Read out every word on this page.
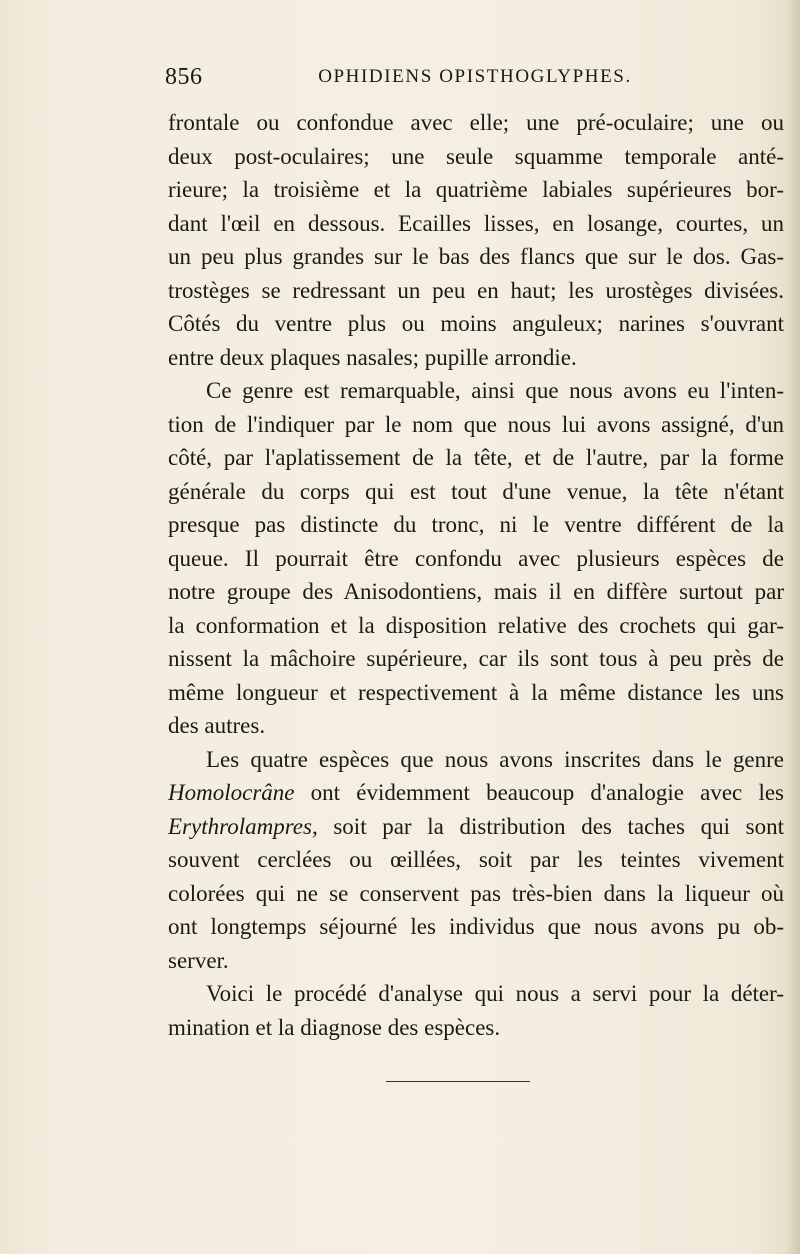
856	OPHIDIENS OPISTHOGLYPHES.
frontale ou confondue avec elle; une pré-oculaire; une ou
deux post-oculaires; une seule squamme temporale anté-
rieure; la troisième et la quatrième labiales supérieures bor-
dant l'œil en dessous. Ecailles lisses, en losange, courtes, un
un peu plus grandes sur le bas des flancs que sur le dos. Gas-
trostèges se redressant un peu en haut; les urostèges divisées.
Côtés du ventre plus ou moins anguleux; narines s'ouvrant
entre deux plaques nasales; pupille arrondie.
Ce genre est remarquable, ainsi que nous avons eu l'inten-
tion de l'indiquer par le nom que nous lui avons assigné, d'un
côté, par l'aplatissement de la tête, et de l'autre, par la forme
générale du corps qui est tout d'une venue, la tête n'étant
presque pas distincte du tronc, ni le ventre différent de la
queue. Il pourrait être confondu avec plusieurs espèces de
notre groupe des Anisodontiens, mais il en diffère surtout par
la conformation et la disposition relative des crochets qui gar-
nissent la mâchoire supérieure, car ils sont tous à peu près de
même longueur et respectivement à la même distance les uns
des autres.
Les quatre espèces que nous avons inscrites dans le genre
Homolocrâne ont évidemment beaucoup d'analogie avec les
Erythrolampres, soit par la distribution des taches qui sont
souvent cerclées ou œillées, soit par les teintes vivement
colorées qui ne se conservent pas très-bien dans la liqueur où
ont longtemps séjourné les individus que nous avons pu ob-
server.
Voici le procédé d'analyse qui nous a servi pour la déter-
mination et la diagnose des espèces.
